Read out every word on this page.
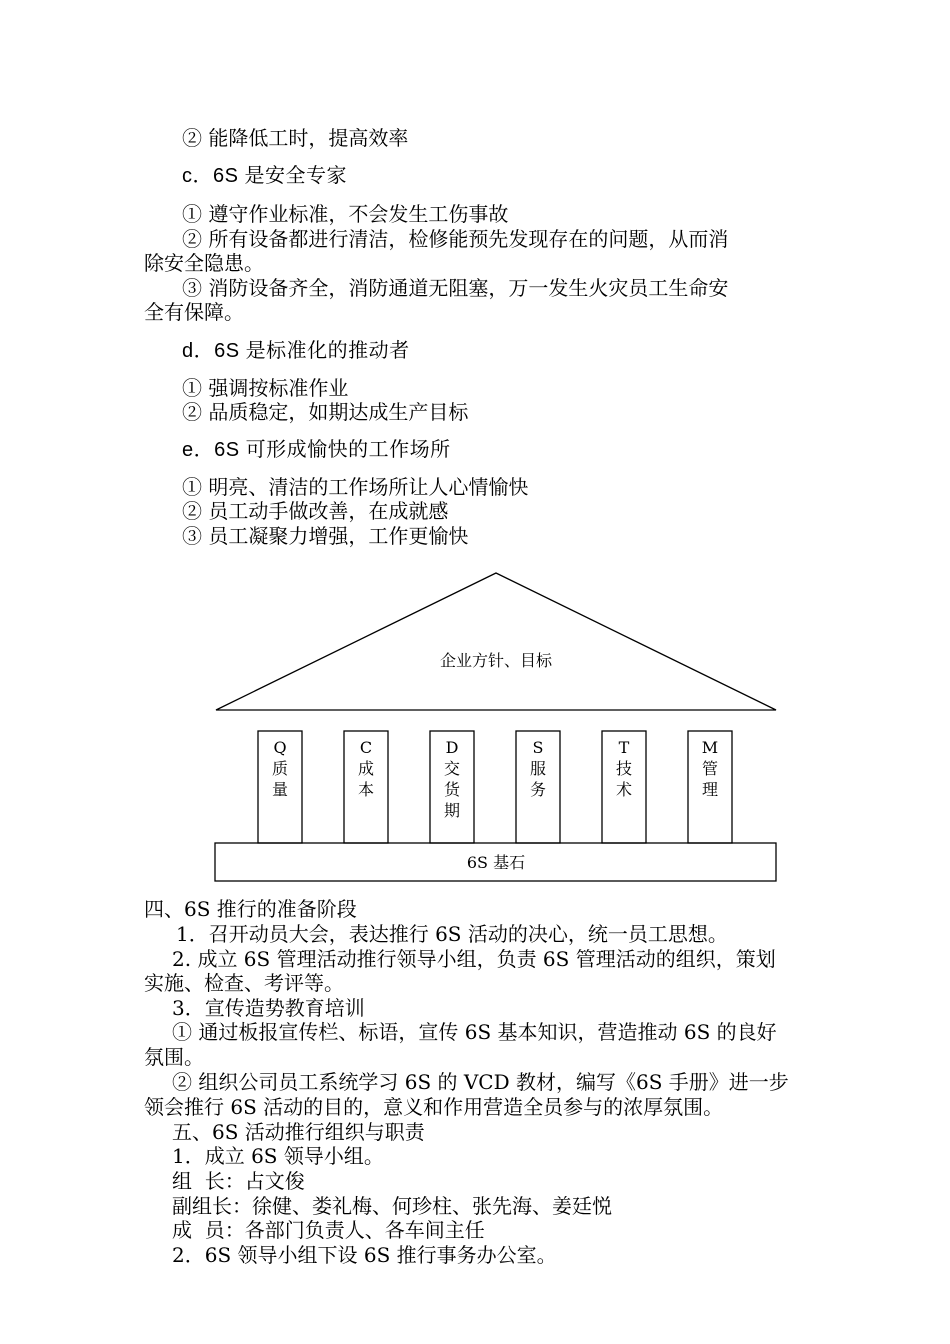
② 能降低工时，提高效率
c．6S 是安全专家
① 遵守作业标准，不会发生工伤事故
② 所有设备都进行清洁，检修能预先发现存在的问题，从而消
除安全隐患。
③ 消防设备齐全，消防通道无阻塞，万一发生火灾员工生命安
全有保障。
d．6S 是标准化的推动者
① 强调按标准作业
② 品质稳定，如期达成生产目标
e．6S 可形成愉快的工作场所
① 明亮、清洁的工作场所让人心情愉快
② 员工动手做改善，在成就感
③ 员工凝聚力增强，工作更愉快
企业方针、目标
Q
质
量
C
成
本
D
交
货
期
S
服
务
T
技
术
M
管
理
6S 基石
四、6S 推行的准备阶段
1．召开动员大会，表达推行 6S 活动的决心，统一员工思想。
2. 成立 6S 管理活动推行领导小组，负责 6S 管理活动的组织，策划
实施、检查、考评等。
3．宣传造势教育培训
① 通过板报宣传栏、标语，宣传 6S 基本知识，营造推动 6S 的良好
氛围。
② 组织公司员工系统学习 6S 的 VCD 教材，编写《6S 手册》进一步
领会推行 6S 活动的目的，意义和作用营造全员参与的浓厚氛围。
五、6S 活动推行组织与职责
1．成立 6S 领导小组。
组  长：占文俊
副组长：徐健、娄礼梅、何珍柱、张先海、姜廷悦
成  员：各部门负责人、各车间主任
2．6S 领导小组下设 6S 推行事务办公室。
